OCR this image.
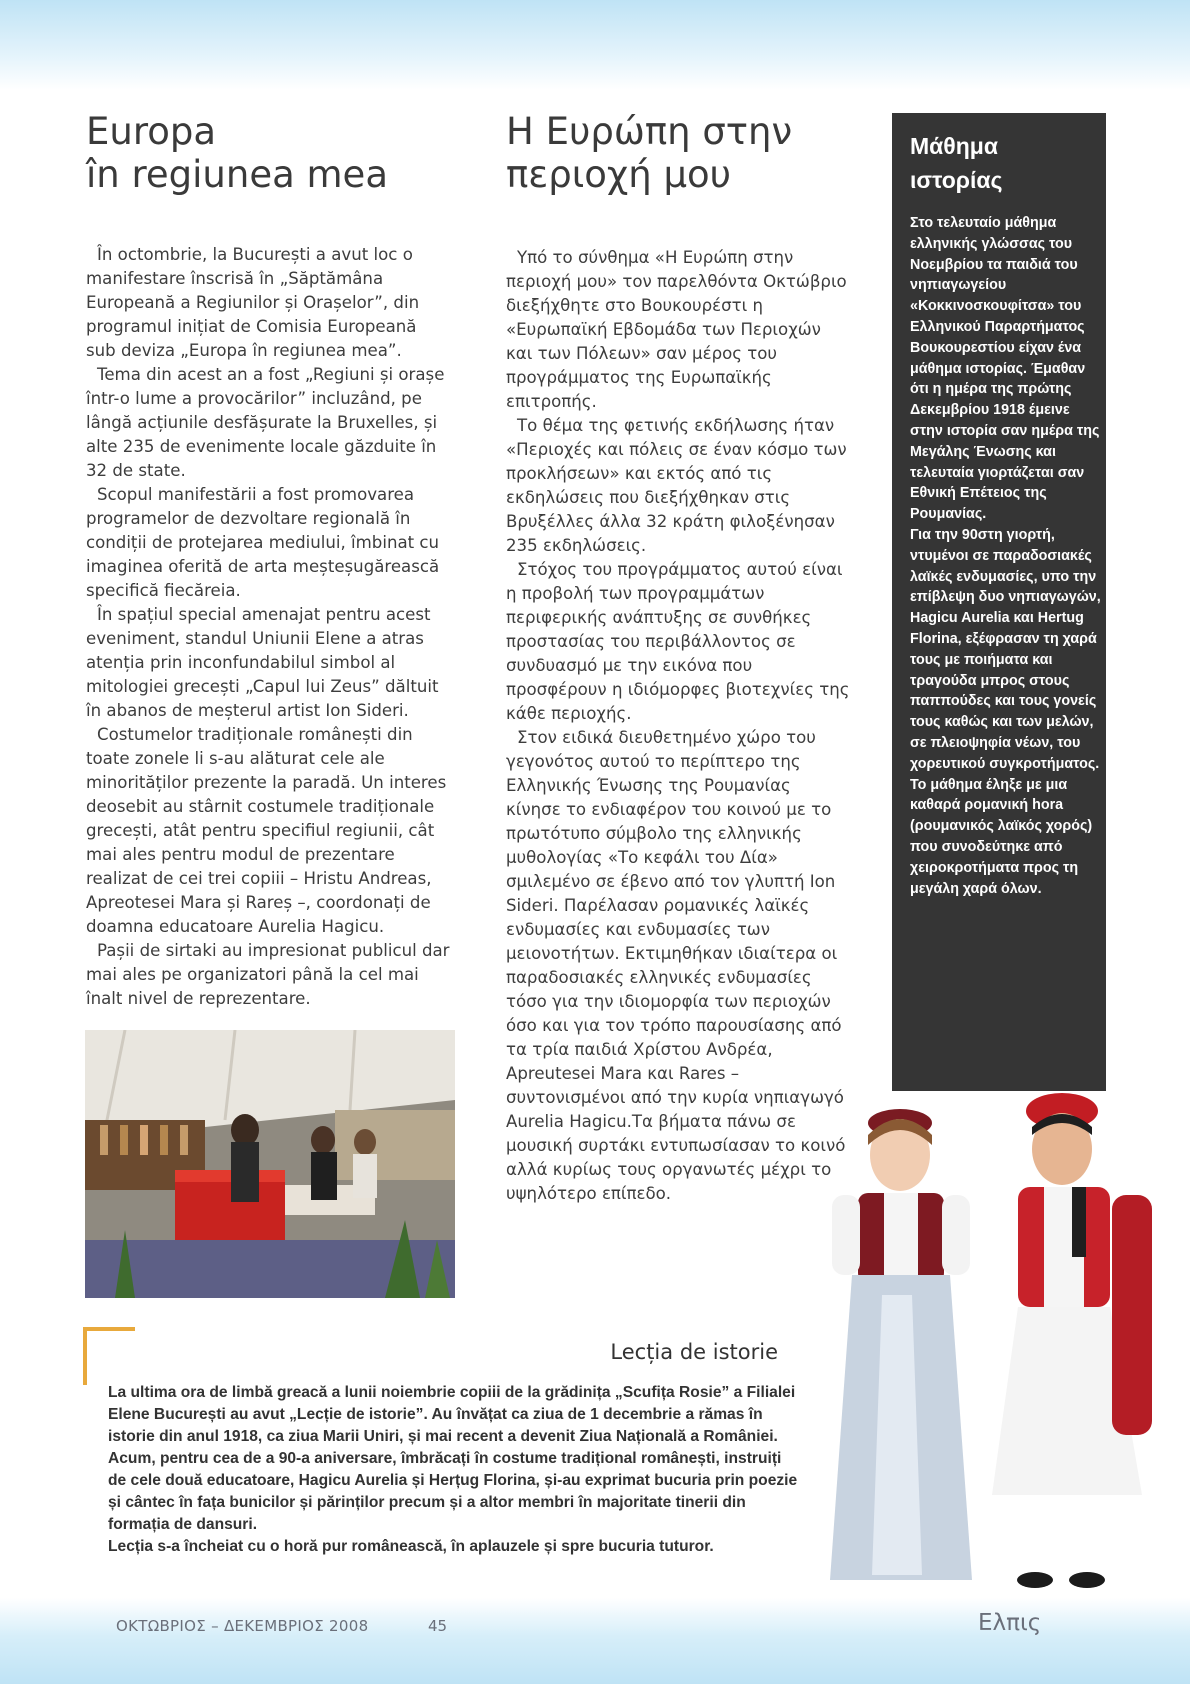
Europa
în regiunea mea

În octombrie, la București a avut loc o manifestare înscrisă în „Săptămâna Europeană a Regiunilor și Orașelor”, din programul inițiat de Comisia Europeană sub deviza „Europa în regiunea mea”.

Tema din acest an a fost „Regiuni și orașe într-o lume a provocărilor” incluzând, pe lângă acțiunile desfășurate la Bruxelles, și alte 235 de evenimente locale găzduite în 32 de state.

Scopul manifestării a fost promovarea programelor de dezvoltare regională în condiții de protejarea mediului, îmbinat cu imaginea oferită de arta meșteșugărească specifică fiecăreia.

În spațiul special amenajat pentru acest eveniment, standul Uniunii Elene a atras atenția prin inconfundabilul simbol al mitologiei grecești „Capul lui Zeus” dăltuit în abanos de meșterul artist Ion Sideri.

Costumelor tradiționale românești din toate zonele li s-au alăturat cele ale minorităților prezente la paradă. Un interes deosebit au stârnit costumele tradiționale grecești, atât pentru specifiul regiunii, cât mai ales pentru modul de prezentare realizat de cei trei copiii – Hristu Andreas, Apreotesei Mara și Rareș –, coordonați de doamna educatoare Aurelia Hagicu.

Pașii de sirtaki au impresionat publicul dar mai ales pe organizatori până la cel mai înalt nivel de reprezentare.

Η Ευρώπη στην
περιοχή μου

Υπό το σύνθημα «Η Ευρώπη στην περιοχή μου» τον παρελθόντα Οκτώβριο διεξήχθητε στο Βουκουρέστι η «Ευρωπαϊκή Εβδομάδα των Περιοχών και των Πόλεων» σαν μέρος του προγράμματος της Ευρωπαϊκής επιτροπής.

Το θέμα της φετινής εκδήλωσης ήταν «Περιοχές και πόλεις σε έναν κόσμο των προκλήσεων» και εκτός από τις εκδηλώσεις που διεξήχθηκαν στις Βρυξέλλες άλλα 32 κράτη φιλοξένησαν 235 εκδηλώσεις.

Στόχος του προγράμματος αυτού είναι η προβολή των προγραμμάτων περιφερικής ανάπτυξης σε συνθήκες προστασίας του περιβάλλοντος σε συνδυασμό με την εικόνα που προσφέρουν η ιδιόμορφες βιοτεχνίες της κάθε περιοχής.

Στον ειδικά διευθετημένο χώρο του γεγονότος αυτού το περίπτερο της Ελληνικής Ένωσης της Ρουμανίας κίνησε το ενδιαφέρον του κοινού με το πρωτότυπο σύμβολο της ελληνικής μυθολογίας «Το κεφάλι του Δία» σμιλεμένο σε έβενο από τον γλυπτή Ion Sideri. Παρέλασαν ρομανικές λαϊκές ενδυμασίες και ενδυμασίες των μειονοτήτων. Εκτιμηθήκαν ιδιαίτερα οι παραδοσιακές ελληνικές ενδυμασίες τόσο για την ιδιομορφία των περιοχών όσο και για τον τρόπο παρουσίασης από τα τρία παιδιά Χρίστου Ανδρέα, Apreutesei Mara και Rares – συντονισμένοι από την κυρία νηπιαγωγό Aurelia Hagicu.Τα βήματα πάνω σε μουσική συρτάκι εντυπωσίασαν το κοινό αλλά κυρίως τους οργανωτές μέχρι το υψηλότερο επίπεδο.

Μάθημα
ιστορίας

Στο τελευταίο μάθημα ελληνικής γλώσσας του Νοεμβρίου τα παιδιά του νηπιαγωγείου «Κοκκινοσκουφίτσα» του Ελληνικού Παραρτήματος Βουκουρεστίου είχαν ένα μάθημα ιστορίας. Έμαθαν ότι η ημέρα της πρώτης Δεκεμβρίου 1918 έμεινε στην ιστορία σαν ημέρα της Μεγάλης Ένωσης και τελευταία γιορτάζεται σαν Εθνική Επέτειος της Ρουμανίας.

Για την 90στη γιορτή, ντυμένοι σε παραδοσιακές λαϊκές ενδυμασίες, υπο την επίβλεψη δυο νηπιαγωγών, Hagicu Aurelia και Hertug Florina, εξέφρασαν τη χαρά τους με ποιήματα και τραγούδα μπρος στους παππούδες και τους γονείς τους καθώς και των μελών, σε πλειοψηφία νέων, του χορευτικού συγκροτήματος. Το μάθημα έληξε με μια καθαρά ρομανική hora (ρουμανικός λαϊκός χορός) που συνοδεύτηκε από χειροκροτήματα προς τη μεγάλη χαρά όλων.

Lecția de istorie

La ultima ora de limbă greacă a lunii noiembrie copiii de la grădinița „Scufița Rosie” a Filialei Elene București au avut „Lecție de istorie”. Au învățat ca ziua de 1 decembrie a rămas în istorie din anul 1918, ca ziua Marii Uniri, și mai recent a devenit Ziua Națională a României.

Acum, pentru cea de a 90-a aniversare, îmbrăcați în costume tradițional românești, instruiți de cele două educatoare, Hagicu Aurelia și Herțug Florina, și-au exprimat bucuria prin poezie și cântec în fața bunicilor și părinților precum și a altor membri în majoritate tinerii din formația de dansuri.

Lecția s-a încheiat cu o horă pur românească, în aplauzele și spre bucuria tuturor.

ΟΚΤΩΒΡΙΟΣ – ΔΕΚΕΜΒΡΙΟΣ 2008	45	Ελπις
